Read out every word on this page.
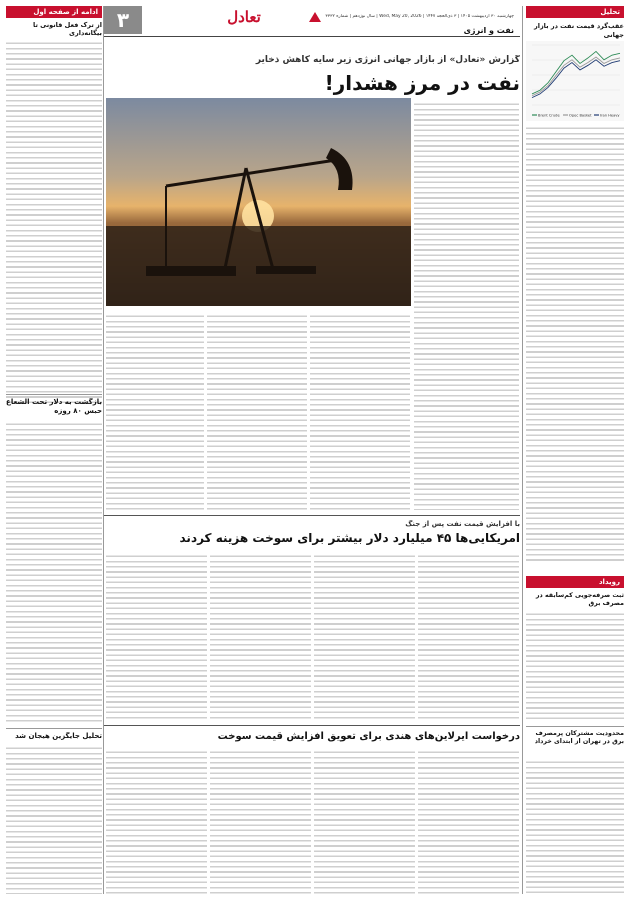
۳	تعادل	چهارشنبه ۳۰ اردیبهشت ۱۴۰۵ | ۳ ذی‌الحجه ۱۴۴۷ | Wed, May 20, 2026 | سال نوزدهم | شماره ۳۳۳۲
نفت و انرژی
ادامه از صفحه اول
از ترک فعل قانونی تا بیگانه‌داری
بازگشت به دلار تحت الشعاع حبس ۸۰ روزه
تحلیل جایگزین هیجان شد
گزارش «تعادل» از بازار جهانی انرژی زیر سایه کاهش ذخایر
نفت در مرز هشدار!
با افزایش قیمت نفت پس از جنگ
امریکایی‌ها ۴۵ میلیارد دلار بیشتر برای سوخت هزینه کردند
درخواست ایرلاین‌های هندی برای تعویق افزایش قیمت سوخت
تحلیل
عقب‌گرد قیمت نفت در بازار جهانی
Brent Crude	Opec Basket Iran Heavy
رویداد
ثبت صرفه‌جویی کم‌سابقه در مصرف برق
محدودیت مشترکان پرمصرف برق در تهران از ابتدای خرداد
